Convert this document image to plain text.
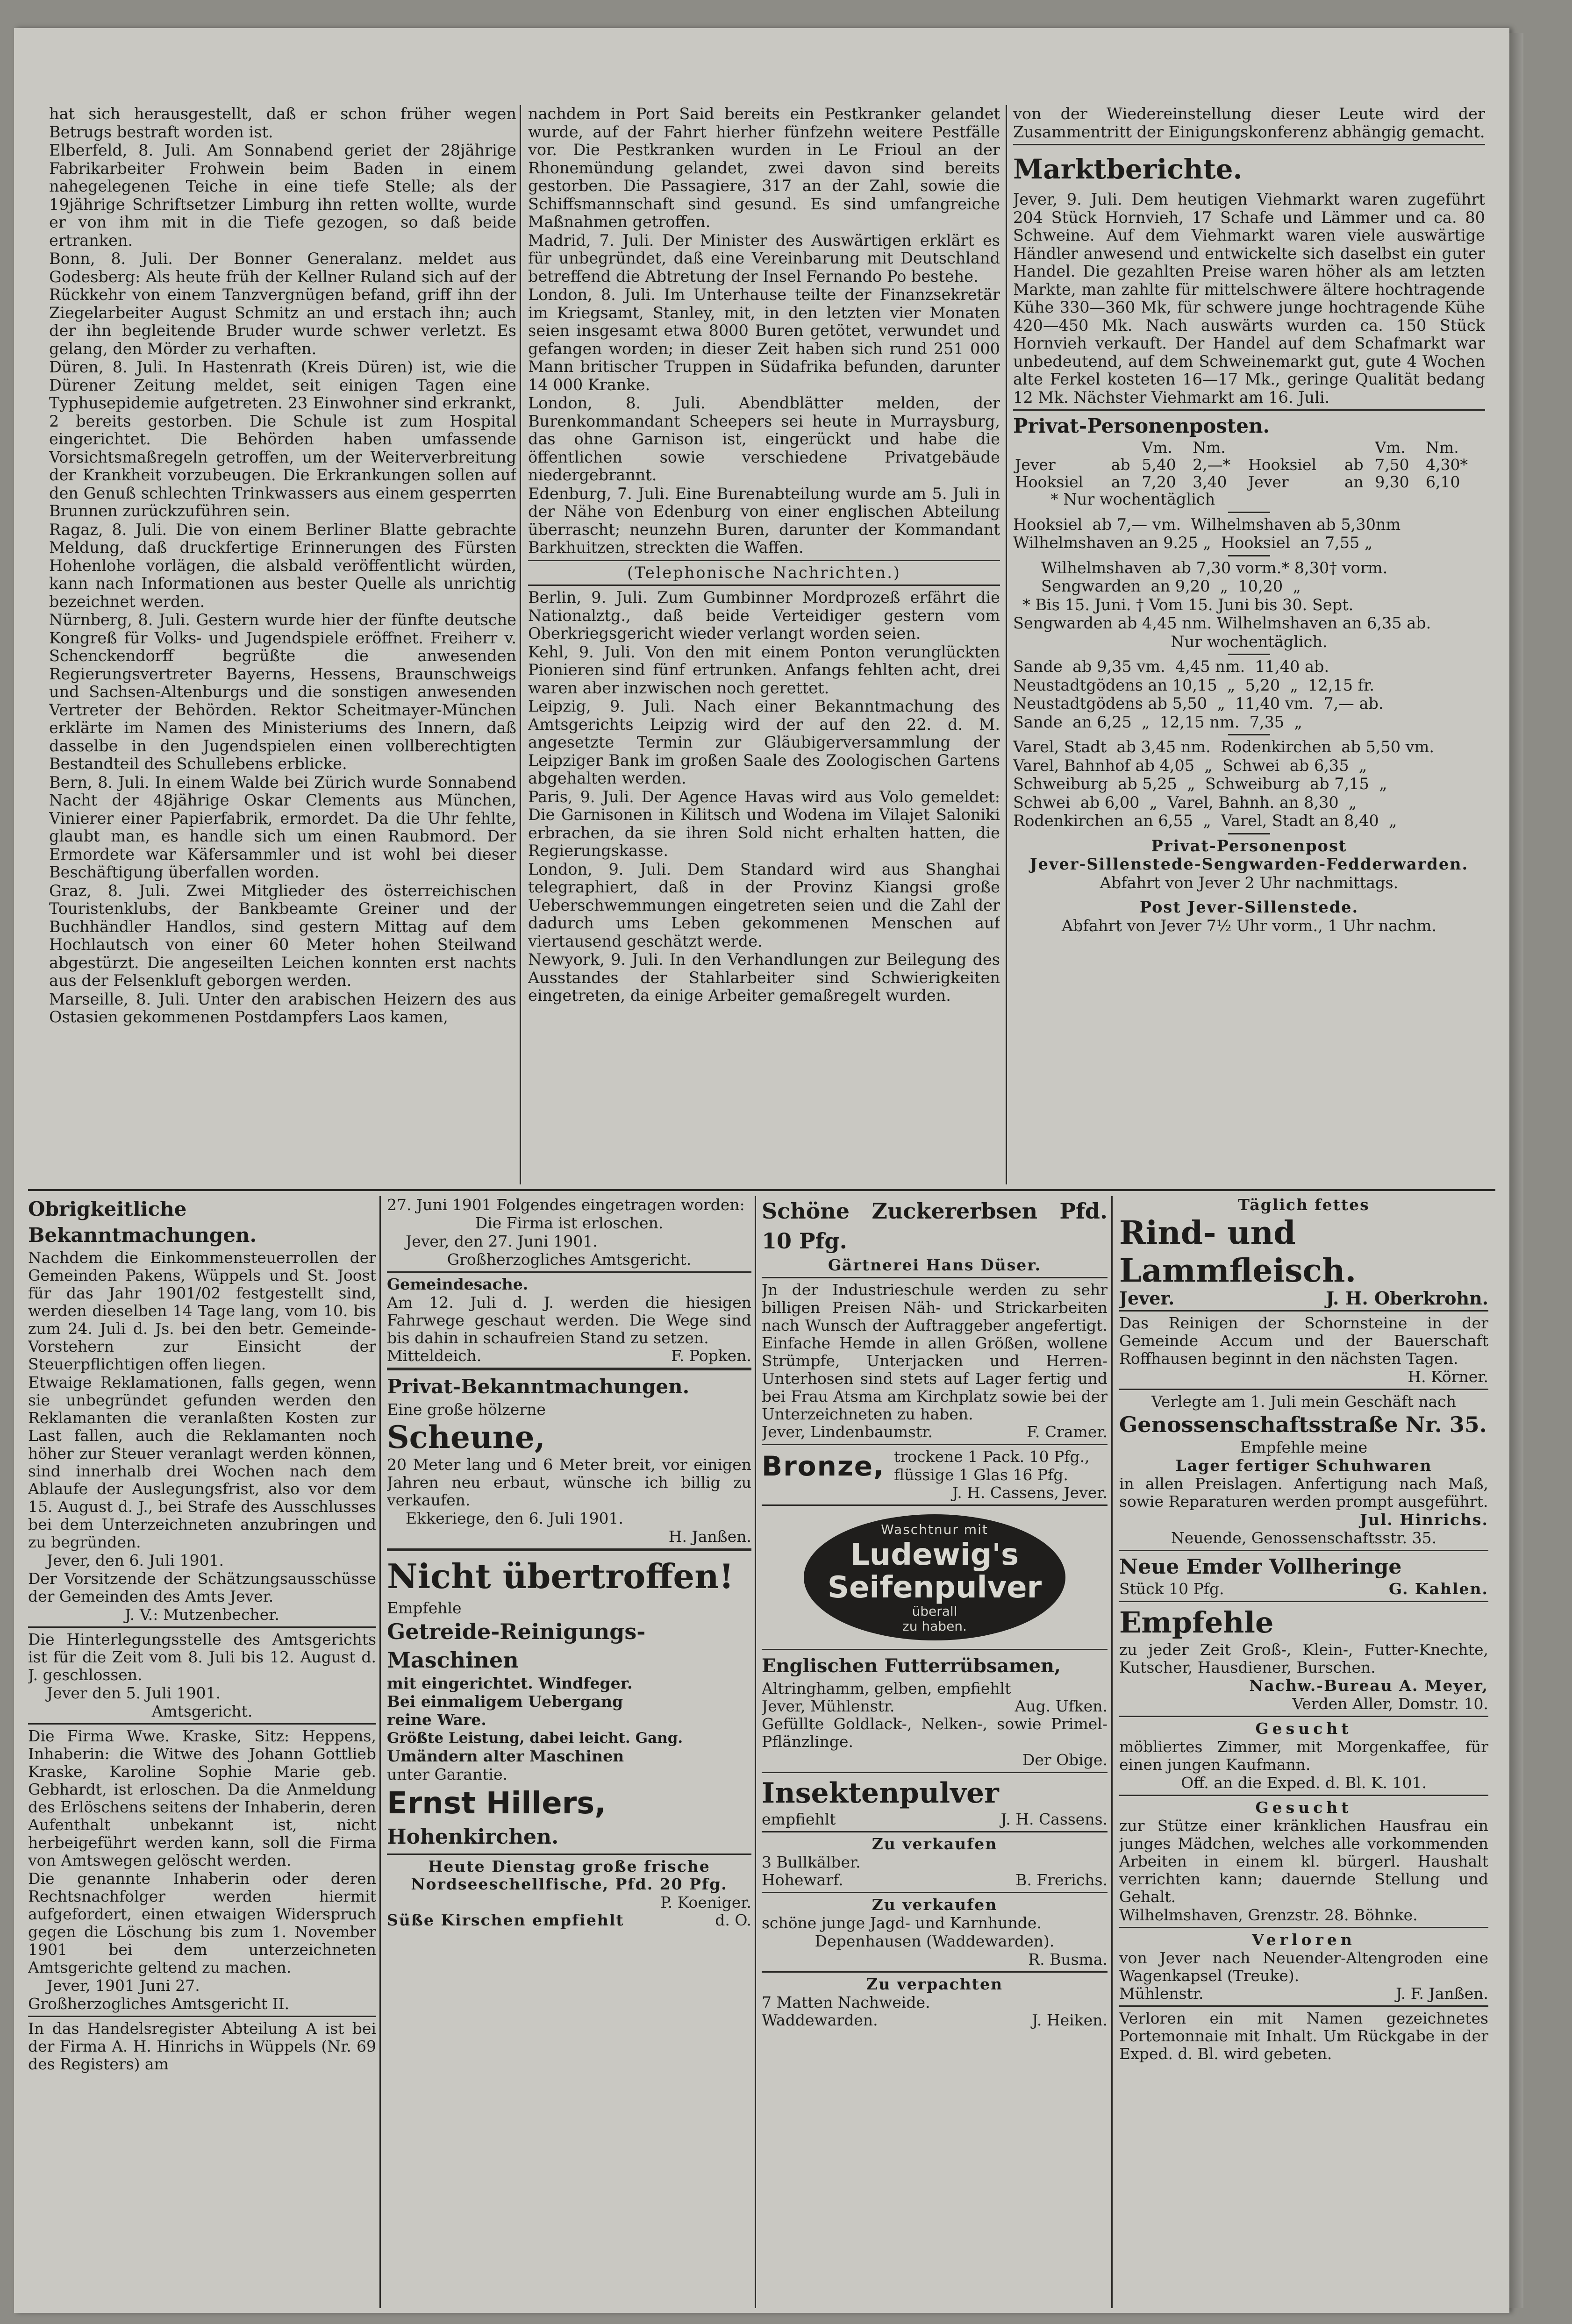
hat sich herausgestellt, daß er schon früher wegen Betrugs bestraft worden ist.

Elberfeld, 8. Juli. Am Sonnabend geriet der 28jährige Fabrikarbeiter Frohwein beim Baden in einem nahegelegenen Teiche in eine tiefe Stelle; als der 19jährige Schriftsetzer Limburg ihn retten wollte, wurde er von ihm mit in die Tiefe gezogen, so daß beide ertranken.

Bonn, 8. Juli. Der Bonner Generalanz. meldet aus Godesberg: Als heute früh der Kellner Ruland sich auf der Rückkehr von einem Tanzvergnügen befand, griff ihn der Ziegelarbeiter August Schmitz an und erstach ihn; auch der ihn begleitende Bruder wurde schwer verletzt. Es gelang, den Mörder zu verhaften.

Düren, 8. Juli. In Hastenrath (Kreis Düren) ist, wie die Dürener Zeitung meldet, seit einigen Tagen eine Typhusepidemie aufgetreten. 23 Einwohner sind erkrankt, 2 bereits gestorben. Die Schule ist zum Hospital eingerichtet. Die Behörden haben umfassende Vorsichtsmaßregeln getroffen, um der Weiterverbreitung der Krankheit vorzubeugen. Die Erkrankungen sollen auf den Genuß schlechten Trinkwassers aus einem gesperrten Brunnen zurückzuführen sein.

Ragaz, 8. Juli. Die von einem Berliner Blatte gebrachte Meldung, daß druckfertige Erinnerungen des Fürsten Hohenlohe vorlägen, die alsbald veröffentlicht würden, kann nach Informationen aus bester Quelle als unrichtig bezeichnet werden.

Nürnberg, 8. Juli. Gestern wurde hier der fünfte deutsche Kongreß für Volks- und Jugendspiele eröffnet. Freiherr v. Schenckendorff begrüßte die anwesenden Regierungsvertreter Bayerns, Hessens, Braunschweigs und Sachsen-Altenburgs und die sonstigen anwesenden Vertreter der Behörden. Rektor Scheitmayer-München erklärte im Namen des Ministeriums des Innern, daß dasselbe in den Jugendspielen einen vollberechtigten Bestandteil des Schullebens erblicke.

Bern, 8. Juli. In einem Walde bei Zürich wurde Sonnabend Nacht der 48jährige Oskar Clements aus München, Vinierer einer Papierfabrik, ermordet. Da die Uhr fehlte, glaubt man, es handle sich um einen Raubmord. Der Ermordete war Käfersammler und ist wohl bei dieser Beschäftigung überfallen worden.

Graz, 8. Juli. Zwei Mitglieder des österreichischen Touristenklubs, der Bankbeamte Greiner und der Buchhändler Handlos, sind gestern Mittag auf dem Hochlautsch von einer 60 Meter hohen Steilwand abgestürzt. Die angeseilten Leichen konnten erst nachts aus der Felsenkluft geborgen werden.

Marseille, 8. Juli. Unter den arabischen Heizern des aus Ostasien gekommenen Postdampfers Laos kamen,

nachdem in Port Said bereits ein Pestkranker gelandet wurde, auf der Fahrt hierher fünfzehn weitere Pestfälle vor. Die Pestkranken wurden in Le Frioul an der Rhonemündung gelandet, zwei davon sind bereits gestorben. Die Passagiere, 317 an der Zahl, sowie die Schiffsmannschaft sind gesund. Es sind umfangreiche Maßnahmen getroffen.

Madrid, 7. Juli. Der Minister des Auswärtigen erklärt es für unbegründet, daß eine Vereinbarung mit Deutschland betreffend die Abtretung der Insel Fernando Po bestehe.

London, 8. Juli. Im Unterhause teilte der Finanzsekretär im Kriegsamt, Stanley, mit, in den letzten vier Monaten seien insgesamt etwa 8000 Buren getötet, verwundet und gefangen worden; in dieser Zeit haben sich rund 251 000 Mann britischer Truppen in Südafrika befunden, darunter 14 000 Kranke.

London, 8. Juli. Abendblätter melden, der Burenkommandant Scheepers sei heute in Murraysburg, das ohne Garnison ist, eingerückt und habe die öffentlichen sowie verschiedene Privatgebäude niedergebrannt.

Edenburg, 7. Juli. Eine Burenabteilung wurde am 5. Juli in der Nähe von Edenburg von einer englischen Abteilung überrascht; neunzehn Buren, darunter der Kommandant Barkhuitzen, streckten die Waffen.

(Telephonische Nachrichten.)

Berlin, 9. Juli. Zum Gumbinner Mordprozeß erfährt die Nationalztg., daß beide Verteidiger gestern vom Oberkriegsgericht wieder verlangt worden seien.

Kehl, 9. Juli. Von den mit einem Ponton verunglückten Pionieren sind fünf ertrunken. Anfangs fehlten acht, drei waren aber inzwischen noch gerettet.

Leipzig, 9. Juli. Nach einer Bekanntmachung des Amtsgerichts Leipzig wird der auf den 22. d. M. angesetzte Termin zur Gläubigerversammlung der Leipziger Bank im großen Saale des Zoologischen Gartens abgehalten werden.

Paris, 9. Juli. Der Agence Havas wird aus Volo gemeldet: Die Garnisonen in Kilitsch und Wodena im Vilajet Saloniki erbrachen, da sie ihren Sold nicht erhalten hatten, die Regierungskasse.

London, 9. Juli. Dem Standard wird aus Shanghai telegraphiert, daß in der Provinz Kiangsi große Ueberschwemmungen eingetreten seien und die Zahl der dadurch ums Leben gekommenen Menschen auf viertausend geschätzt werde.

Newyork, 9. Juli. In den Verhandlungen zur Beilegung des Ausstandes der Stahlarbeiter sind Schwierigkeiten eingetreten, da einige Arbeiter gemaßregelt wurden.

von der Wiedereinstellung dieser Leute wird der Zusammentritt der Einigungskonferenz abhängig gemacht.

Marktberichte.

Jever, 9. Juli. Dem heutigen Viehmarkt waren zugeführt 204 Stück Hornvieh, 17 Schafe und Lämmer und ca. 80 Schweine. Auf dem Viehmarkt waren viele auswärtige Händler anwesend und entwickelte sich daselbst ein guter Handel. Die gezahlten Preise waren höher als am letzten Markte, man zahlte für mittelschwere ältere hochtragende Kühe 330—360 Mk, für schwere junge hochtragende Kühe 420—450 Mk. Nach auswärts wurden ca. 150 Stück Hornvieh verkauft. Der Handel auf dem Schafmarkt war unbedeutend, auf dem Schweinemarkt gut, gute 4 Wochen alte Ferkel kosteten 16—17 Mk., geringe Qualität bedang 12 Mk. Nächster Viehmarkt am 16. Juli.

Privat-Personenposten.

		Vm.	Nm.			Vm.	Nm.
Jever	ab	5,40	2,—*	Hooksiel	ab	7,50	4,30*
Hooksiel	an	7,20	3,40	Jever	an	9,30	6,10

* Nur wochentäglich

Hooksiel  ab 7,— vm.  Wilhelmshaven ab 5,30nm

Wilhelmshaven an 9.25 „  Hooksiel  an 7,55 „

Wilhelmshaven  ab 7,30 vorm.* 8,30† vorm.

Sengwarden  an 9,20  „  10,20  „

* Bis 15. Juni. † Vom 15. Juni bis 30. Sept.

Sengwarden ab 4,45 nm. Wilhelmshaven an 6,35 ab.

Nur wochentäglich.

Sande  ab 9,35 vm.  4,45 nm.  11,40 ab.

Neustadtgödens an 10,15  „  5,20  „  12,15 fr.

Neustadtgödens ab 5,50  „  11,40 vm.  7,— ab.

Sande  an 6,25  „  12,15 nm.  7,35  „

Varel, Stadt  ab 3,45 nm.  Rodenkirchen  ab 5,50 vm.

Varel, Bahnhof ab 4,05  „  Schwei  ab 6,35  „

Schweiburg  ab 5,25  „  Schweiburg  ab 7,15  „

Schwei  ab 6,00  „  Varel, Bahnh. an 8,30  „

Rodenkirchen  an 6,55  „  Varel, Stadt an 8,40  „

Privat-Personenpost

Jever-Sillenstede-Sengwarden-Fedderwarden.

Abfahrt von Jever 2 Uhr nachmittags.

Post Jever-Sillenstede.

Abfahrt von Jever 7½ Uhr vorm., 1 Uhr nachm.

Obrigkeitliche Bekanntmachungen.

Nachdem die Einkommensteuerrollen der Gemeinden Pakens, Wüppels und St. Joost für das Jahr 1901/02 festgestellt sind, werden dieselben 14 Tage lang, vom 10. bis zum 24. Juli d. Js. bei den betr. Gemeinde-Vorstehern zur Einsicht der Steuerpflichtigen offen liegen.

Etwaige Reklamationen, falls gegen, wenn sie unbegründet gefunden werden den Reklamanten die veranlaßten Kosten zur Last fallen, auch die Reklamanten noch höher zur Steuer veranlagt werden können, sind innerhalb drei Wochen nach dem Ablaufe der Auslegungsfrist, also vor dem 15. August d. J., bei Strafe des Ausschlusses bei dem Unterzeichneten anzubringen und zu begründen.

Jever, den 6. Juli 1901.

Der Vorsitzende der Schätzungsausschüsse der Gemeinden des Amts Jever.

J. V.: Mutzenbecher.

Die Hinterlegungsstelle des Amtsgerichts ist für die Zeit vom 8. Juli bis 12. August d. J. geschlossen.

Jever den 5. Juli 1901.

Amtsgericht.

Die Firma Wwe. Kraske, Sitz: Heppens, Inhaberin: die Witwe des Johann Gottlieb Kraske, Karoline Sophie Marie geb. Gebhardt, ist erloschen. Da die Anmeldung des Erlöschens seitens der Inhaberin, deren Aufenthalt unbekannt ist, nicht herbeigeführt werden kann, soll die Firma von Amtswegen gelöscht werden.

Die genannte Inhaberin oder deren Rechtsnachfolger werden hiermit aufgefordert, einen etwaigen Widerspruch gegen die Löschung bis zum 1. November 1901 bei dem unterzeichneten Amtsgerichte geltend zu machen.

Jever, 1901 Juni 27.

Großherzogliches Amtsgericht II.

In das Handelsregister Abteilung A ist bei der Firma A. H. Hinrichs in Wüppels (Nr. 69 des Registers) am

27. Juni 1901 Folgendes eingetragen worden:

Die Firma ist erloschen.

Jever, den 27. Juni 1901.

Großherzogliches Amtsgericht.

Gemeindesache.

Am 12. Juli d. J. werden die hiesigen Fahrwege geschaut werden. Die Wege sind bis dahin in schaufreien Stand zu setzen.

Mitteldeich.	F. Popken.

Privat-Bekanntmachungen.

Eine große hölzerne

Scheune,

20 Meter lang und 6 Meter breit, vor einigen Jahren neu erbaut, wünsche ich billig zu verkaufen.

Ekkeriege, den 6. Juli 1901.

H. Janßen.

Nicht übertroffen!

Empfehle

Getreide-Reinigungs-

Maschinen

mit eingerichtet. Windfeger.

Bei einmaligem Uebergang

reine Ware.

Größte Leistung, dabei leicht. Gang.

Umändern alter Maschinen

unter Garantie.

Ernst Hillers,

Hohenkirchen.

Heute Dienstag große frische Nordseeschellfische, Pfd. 20 Pfg.

P. Koeniger.

Süße Kirschen empfiehlt	d. O.

Schöne Zuckererbsen Pfd. 10 Pfg.

Gärtnerei Hans Düser.

Jn der Industrieschule werden zu sehr billigen Preisen Näh- und Strickarbeiten nach Wunsch der Auftraggeber angefertigt. Einfache Hemde in allen Größen, wollene Strümpfe, Unterjacken und Herren-Unterhosen sind stets auf Lager fertig und bei Frau Atsma am Kirchplatz sowie bei der Unterzeichneten zu haben.

Jever, Lindenbaumstr.	F. Cramer.
Bronze, trockene 1 Pack. 10 Pfg.,

flüssige 1 Glas 16 Pfg.

J. H. Cassens, Jever.

Waschtnur mit
Ludewig's
Seifenpulver
überall
zu haben.

Englischen Futterrübsamen,

Altringhamm, gelben, empfiehlt

Jever, Mühlenstr.	Aug. Ufken.

Gefüllte Goldlack-, Nelken-, sowie Primel-Pflänzlinge.

Der Obige.

Insektenpulver

empfiehlt	J. H. Cassens.

Zu verkaufen

3 Bullkälber.

Hohewarf.	B. Frerichs.

Zu verkaufen

schöne junge Jagd- und Karnhunde.

Depenhausen (Waddewarden).

R. Busma.

Zu verpachten

7 Matten Nachweide.

Waddewarden.	J. Heiken.

Täglich fettes

Rind- und

Lammfleisch.

Jever.	J. H. Oberkrohn.

Das Reinigen der Schornsteine in der Gemeinde Accum und der Bauerschaft Roffhausen beginnt in den nächsten Tagen.

H. Körner.

Verlegte am 1. Juli mein Geschäft nach

Genossenschaftsstraße Nr. 35.

Empfehle meine

Lager fertiger Schuhwaren

in allen Preislagen. Anfertigung nach Maß, sowie Reparaturen werden prompt ausgeführt.

Jul. Hinrichs.

Neuende, Genossenschaftsstr. 35.

Neue Emder Vollheringe

Stück 10 Pfg.	G. Kahlen.

Empfehle

zu jeder Zeit Groß-, Klein-, Futter-Knechte, Kutscher, Hausdiener, Burschen.

Nachw.-Bureau A. Meyer,

Verden Aller, Domstr. 10.

Gesucht

möbliertes Zimmer, mit Morgenkaffee, für einen jungen Kaufmann.

Off. an die Exped. d. Bl. K. 101.

Gesucht

zur Stütze einer kränklichen Hausfrau ein junges Mädchen, welches alle vorkommenden Arbeiten in einem kl. bürgerl. Haushalt verrichten kann; dauernde Stellung und Gehalt.

Wilhelmshaven, Grenzstr. 28. Böhnke.

Verloren

von Jever nach Neuender-Altengroden eine Wagenkapsel (Treuke).

Mühlenstr.	J. F. Janßen.

Verloren ein mit Namen gezeichnetes Portemonnaie mit Inhalt. Um Rückgabe in der Exped. d. Bl. wird gebeten.
